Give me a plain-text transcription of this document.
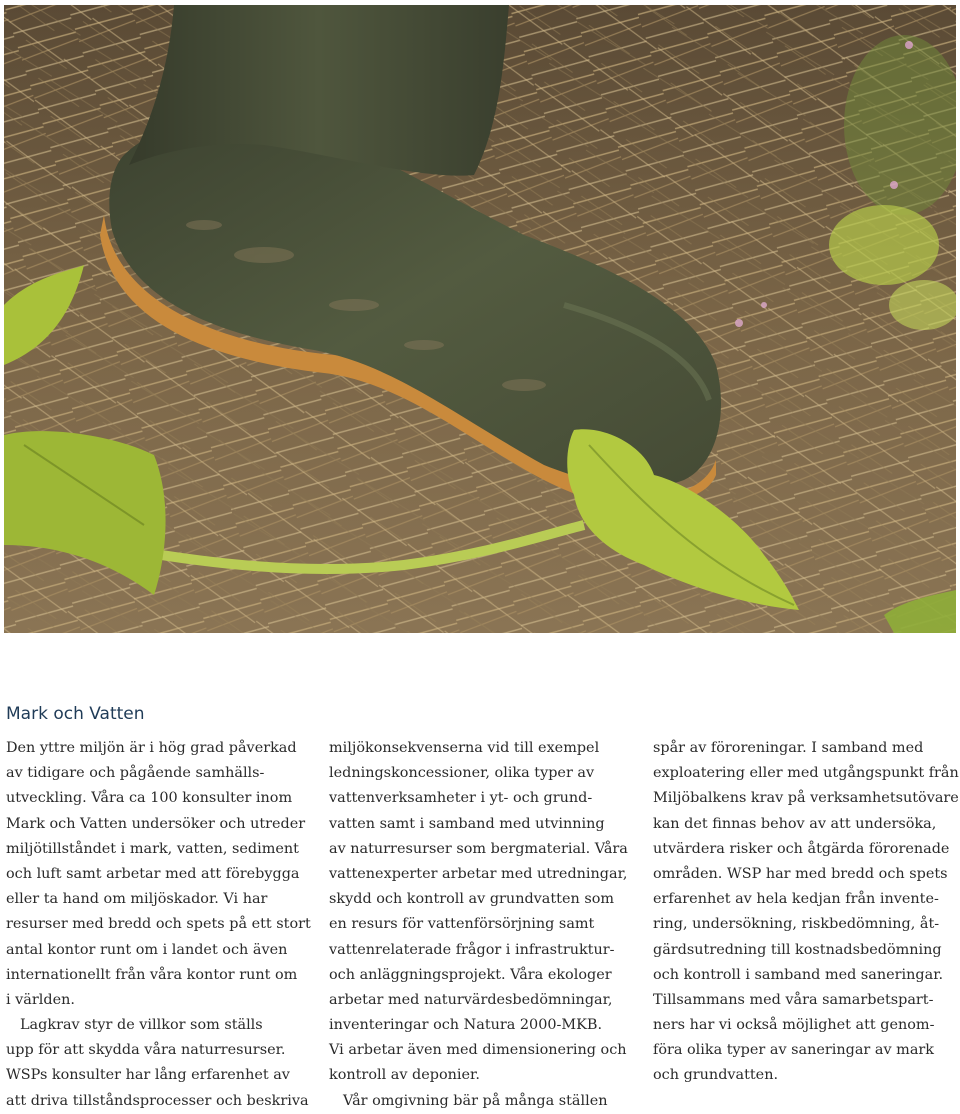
Mark och Vatten
Den yttre miljön är i hög grad påverkad
av tidigare och pågående samhälls-
utveckling. Våra ca 100 konsulter inom
Mark och Vatten undersöker och utreder
miljötillståndet i mark, vatten, sediment
och luft samt arbetar med att förebygga
eller ta hand om miljöskador. Vi har
resurser med bredd och spets på ett stort
antal kontor runt om i landet och även
internationellt från våra kontor runt om
i världen.
Lagkrav styr de villkor som ställs
upp för att skydda våra naturresurser.
WSPs konsulter har lång erfarenhet av
att driva tillståndsprocesser och beskriva
miljökonsekvenserna vid till exempel
ledningskoncessioner, olika typer av
vattenverksamheter i yt- och grund-
vatten samt i samband med utvinning
av naturresurser som bergmaterial. Våra
vattenexperter arbetar med utredningar,
skydd och kontroll av grundvatten som
en resurs för vattenförsörjning samt
vattenrelaterade frågor i infrastruktur-
och anläggningsprojekt. Våra ekologer
arbetar med naturvärdesbedömningar,
inventeringar och Natura 2000-MKB.
Vi arbetar även med dimensionering och
kontroll av deponier.
Vår omgivning bär på många ställen
spår av föroreningar. I samband med
exploatering eller med utgångspunkt från
Miljöbalkens krav på verksamhetsutövare
kan det finnas behov av att undersöka,
utvärdera risker och åtgärda förorenade
områden. WSP har med bredd och spets
erfarenhet av hela kedjan från invente-
ring, undersökning, riskbedömning, åt-
gärdsutredning till kostnadsbedömning
och kontroll i samband med saneringar.
Tillsammans med våra samarbetspart-
ners har vi också möjlighet att genom-
föra olika typer av saneringar av mark
och grundvatten.
